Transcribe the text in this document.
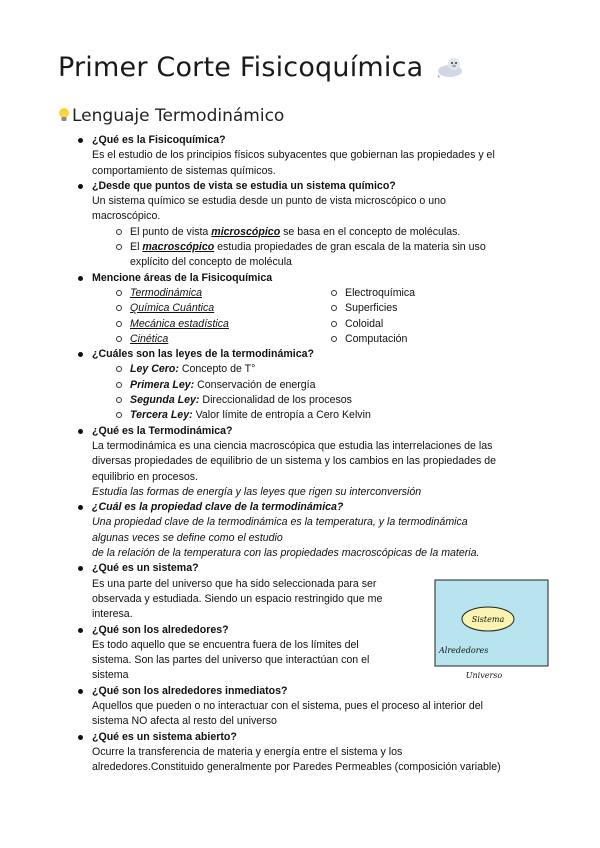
Primer Corte Fisicoquímica
Lenguaje Termodinámico
¿Qué es la Fisicoquímica?
Es el estudio de los principios físicos subyacentes que gobiernan las propiedades y el
comportamiento de sistemas químicos.
¿Desde que puntos de vista se estudia un sistema químico?
Un sistema químico se estudia desde un punto de vista microscópico o uno
macroscópico.
El punto de vista microscópico se basa en el concepto de moléculas.
El macroscópico estudia propiedades de gran escala de la materia sin uso
explícito del concepto de molécula
Mencione áreas de la Fisicoquímica
Termodinámica
Química Cuántica
Mecánica estadística
Cinética
Electroquímica
Superficies
Coloidal
Computación
¿Cuáles son las leyes de la termodinámica?
Ley Cero: Concepto de T°
Primera Ley: Conservación de energía
Segunda Ley: Direccionalidad de los procesos
Tercera Ley: Valor límite de entropía a Cero Kelvin
¿Qué es la Termodinámica?
La termodinámica es una ciencia macroscópica que estudia las interrelaciones de las
diversas propiedades de equilibrio de un sistema y los cambios en las propiedades de
equilibrio en procesos.
Estudia las formas de energía y las leyes que rigen su interconversión
¿Cuál es la propiedad clave de la termodinámica?
Una propiedad clave de la termodinámica es la temperatura, y la termodinámica
algunas veces se define como el estudio
de la relación de la temperatura con las propiedades macroscópicas de la materia.
¿Qué es un sistema?
Es una parte del universo que ha sido seleccionada para ser
observada y estudiada. Siendo un espacio restringido que me
interesa.
¿Qué son los alrededores?
Es todo aquello que se encuentra fuera de los límites del
sistema. Son las partes del universo que interactúan con el
sistema
¿Qué son los alrededores inmediatos?
Aquellos que pueden o no interactuar con el sistema, pues el proceso al interior del
sistema NO afecta al resto del universo
¿Qué es un sistema abierto?
Ocurre la transferencia de materia y energía entre el sistema y los
alrededores.Constituido generalmente por Paredes Permeables (composición variable)
Sistema
Alrededores
Universo
